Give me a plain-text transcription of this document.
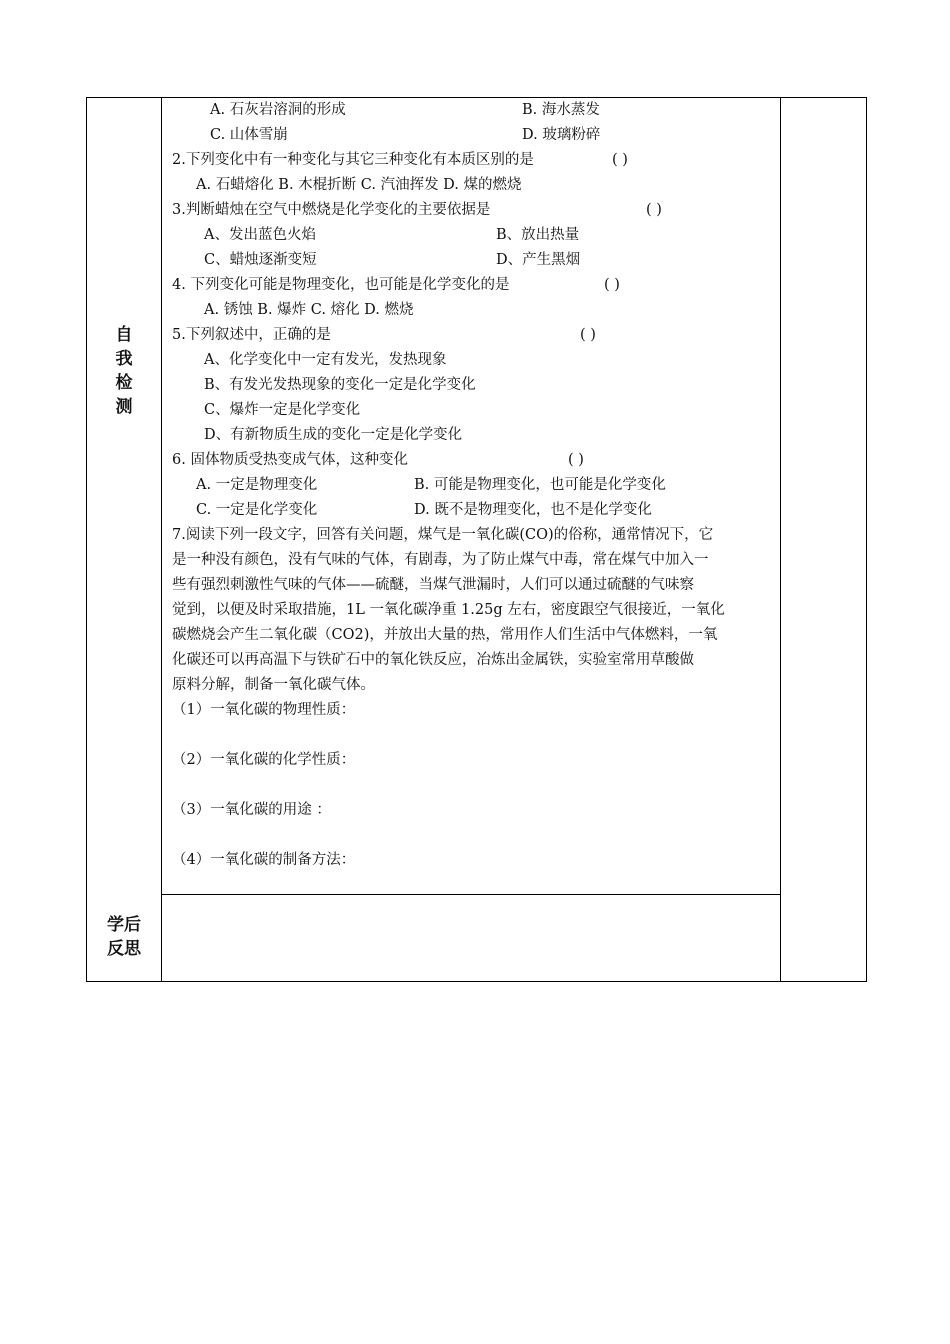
自
我
检
测
学后
反思
A. 石灰岩溶洞的形成	B. 海水蒸发
C. 山体雪崩	D. 玻璃粉碎
2.下列变化中有一种变化与其它三种变化有本质区别的是	( )
A. 石蜡熔化 B. 木棍折断 C. 汽油挥发 D. 煤的燃烧
3.判断蜡烛在空气中燃烧是化学变化的主要依据是	( )
A、发出蓝色火焰	B、放出热量
C、蜡烛逐渐变短	D、产生黑烟
4. 下列变化可能是物理变化，也可能是化学变化的是	( )
A. 锈蚀 B. 爆炸 C. 熔化 D. 燃烧
5.下列叙述中，正确的是	( )
A、化学变化中一定有发光，发热现象
B、有发光发热现象的变化一定是化学变化
C、爆炸一定是化学变化
D、有新物质生成的变化一定是化学变化
6. 固体物质受热变成气体，这种变化	( )
A. 一定是物理变化	B. 可能是物理变化，也可能是化学变化
C. 一定是化学变化	D. 既不是物理变化，也不是化学变化
7.阅读下列一段文字，回答有关问题，煤气是一氧化碳(CO)的俗称，通常情况下，它
是一种没有颜色，没有气味的气体，有剧毒，为了防止煤气中毒，常在煤气中加入一
些有强烈刺激性气味的气体——硫醚，当煤气泄漏时，人们可以通过硫醚的气味察
觉到，以便及时采取措施，1L 一氧化碳净重 1.25g 左右，密度跟空气很接近，一氧化
碳燃烧会产生二氧化碳（CO2)，并放出大量的热，常用作人们生活中气体燃料，一氧
化碳还可以再高温下与铁矿石中的氧化铁反应，冶炼出金属铁，实验室常用草酸做
原料分解，制备一氧化碳气体。
（1）一氧化碳的物理性质：
（2）一氧化碳的化学性质：
（3）一氧化碳的用途 ：
（4）一氧化碳的制备方法：
